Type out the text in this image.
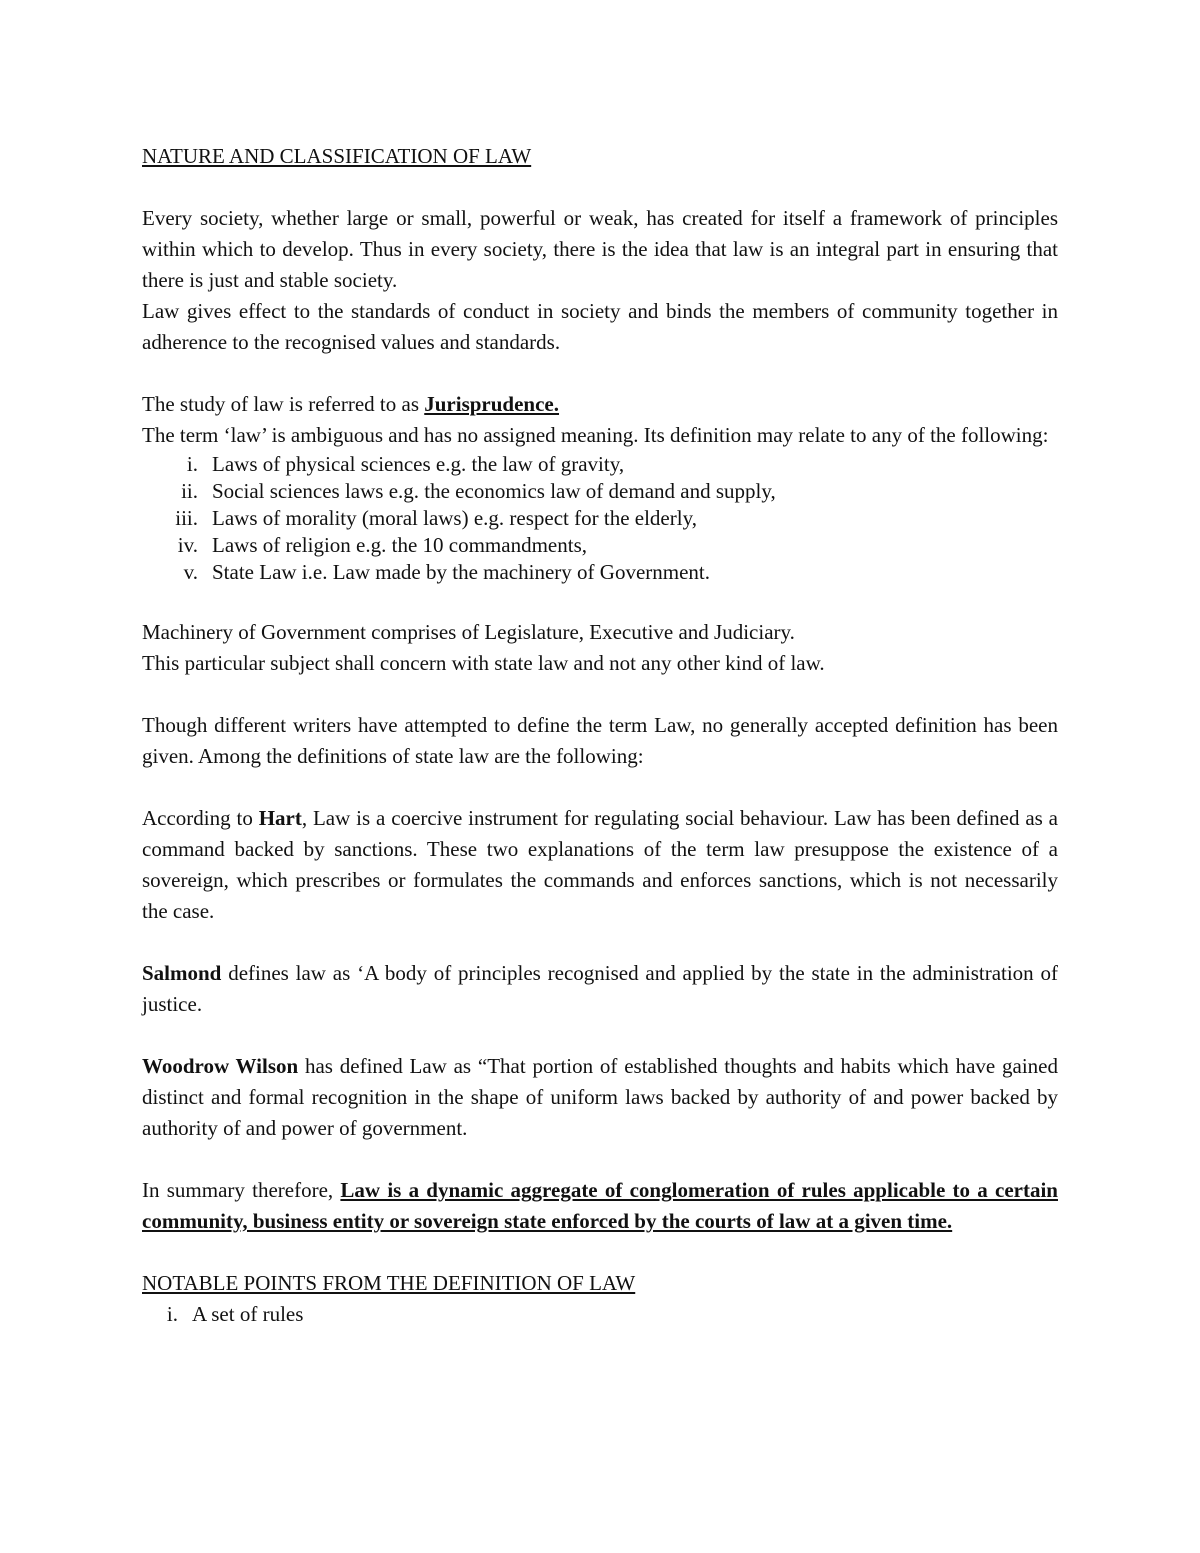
NATURE AND CLASSIFICATION OF LAW

Every society, whether large or small, powerful or weak, has created for itself a framework of principles within which to develop. Thus in every society, there is the idea that law is an integral part in ensuring that there is just and stable society.

Law gives effect to the standards of conduct in society and binds the members of community together in adherence to the recognised values and standards.

The study of law is referred to as Jurisprudence.

The term ‘law’ is ambiguous and has no assigned meaning. Its definition may relate to any of the following:

i. Laws of physical sciences e.g. the law of gravity,
ii. Social sciences laws e.g. the economics law of demand and supply,
iii. Laws of morality (moral laws) e.g. respect for the elderly,
iv. Laws of religion e.g. the 10 commandments,
v. State Law i.e. Law made by the machinery of Government.

Machinery of Government comprises of Legislature, Executive and Judiciary.

This particular subject shall concern with state law and not any other kind of law.

Though different writers have attempted to define the term Law, no generally accepted definition has been given. Among the definitions of state law are the following:

According to Hart, Law is a coercive instrument for regulating social behaviour. Law has been defined as a command backed by sanctions. These two explanations of the term law presuppose the existence of a sovereign, which prescribes or formulates the commands and enforces sanctions, which is not necessarily the case.

Salmond defines law as ‘A body of principles recognised and applied by the state in the administration of justice.

Woodrow Wilson has defined Law as “That portion of established thoughts and habits which have gained distinct and formal recognition in the shape of uniform laws backed by authority of and power backed by authority of and power of government.

In summary therefore, Law is a dynamic aggregate of conglomeration of rules applicable to a certain community, business entity or sovereign state enforced by the courts of law at a given time.

NOTABLE POINTS FROM THE DEFINITION OF LAW

i. A set of rules
